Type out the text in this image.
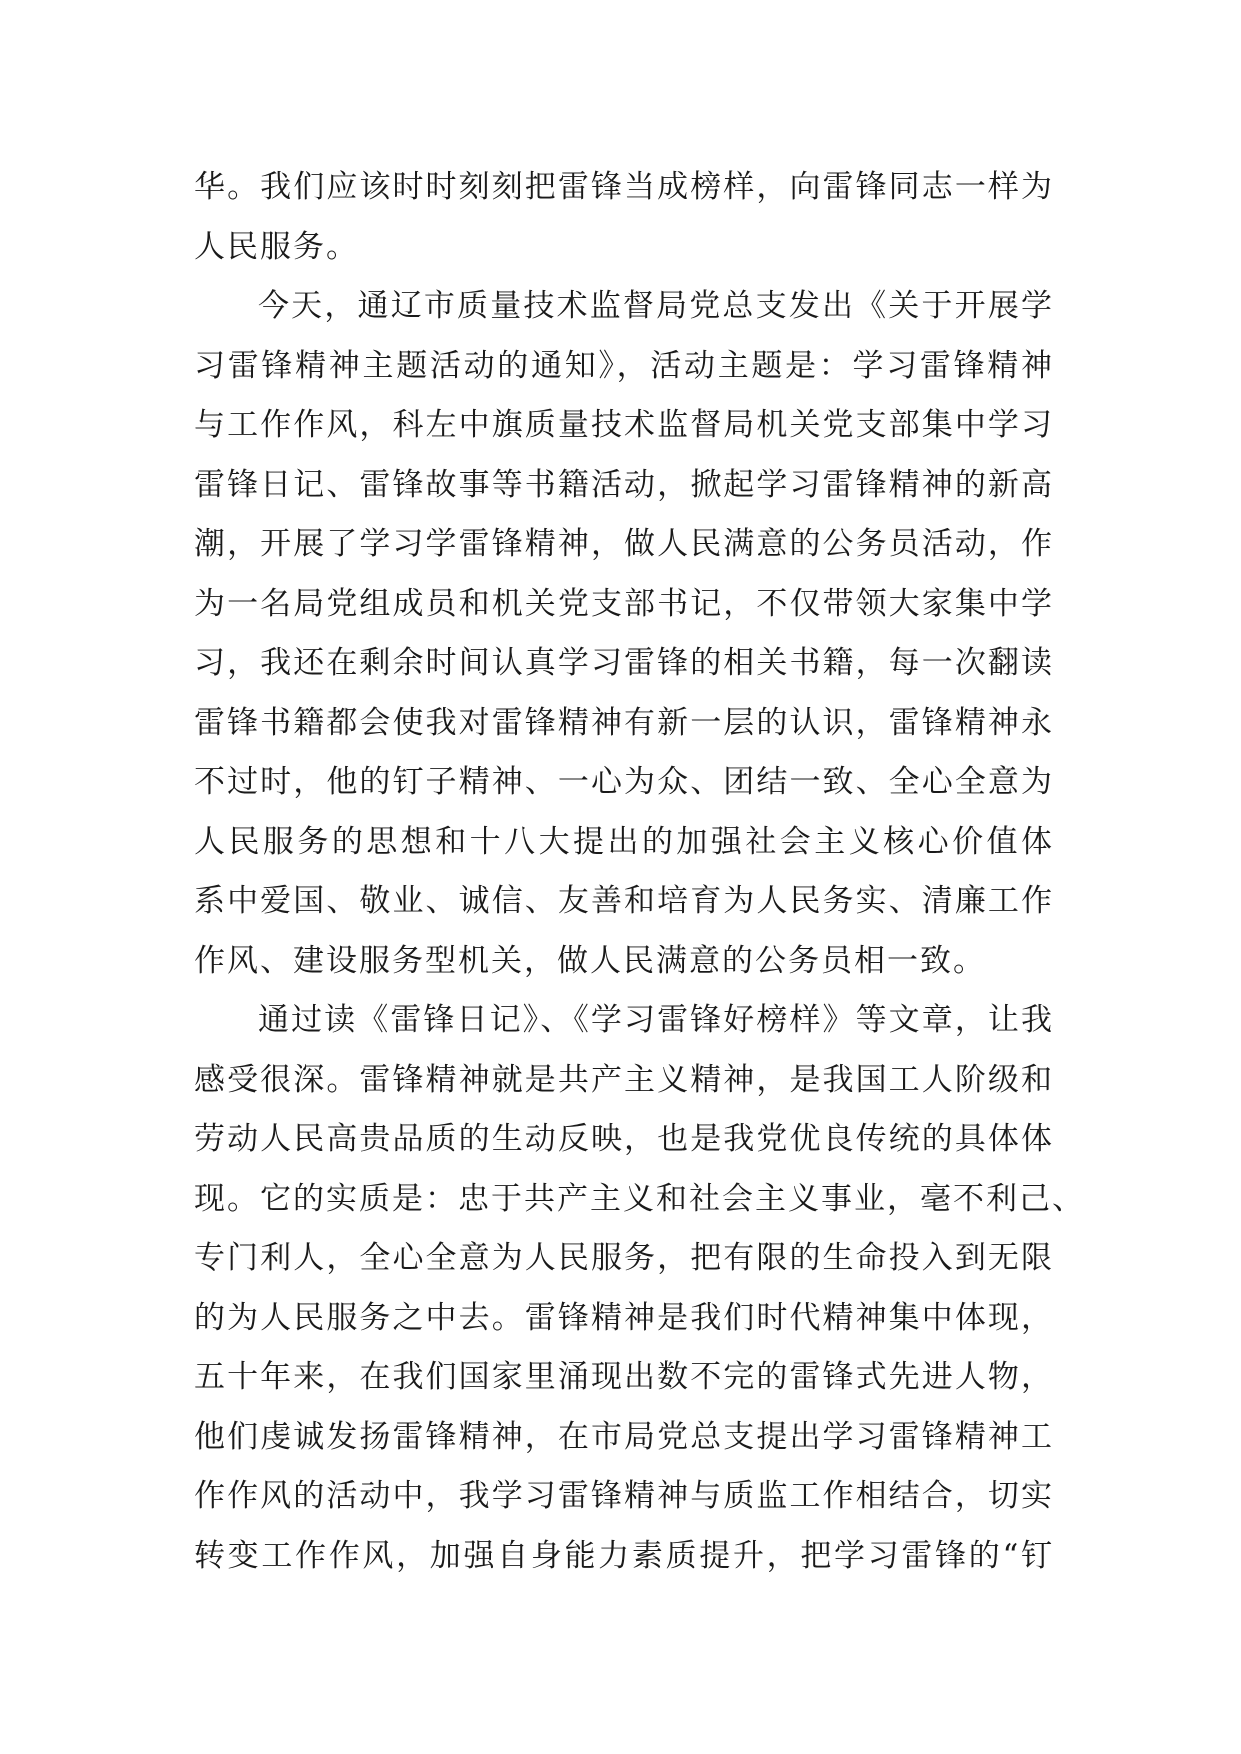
华。我们应该时时刻刻把雷锋当成榜样，向雷锋同志一样为
人民服务。
今天，通辽市质量技术监督局党总支发出《关于开展学
习雷锋精神主题活动的通知》，活动主题是：学习雷锋精神
与工作作风，科左中旗质量技术监督局机关党支部集中学习
雷锋日记、雷锋故事等书籍活动，掀起学习雷锋精神的新高
潮，开展了学习学雷锋精神，做人民满意的公务员活动，作
为一名局党组成员和机关党支部书记，不仅带领大家集中学
习，我还在剩余时间认真学习雷锋的相关书籍，每一次翻读
雷锋书籍都会使我对雷锋精神有新一层的认识，雷锋精神永
不过时，他的钉子精神、一心为众、团结一致、全心全意为
人民服务的思想和十八大提出的加强社会主义核心价值体
系中爱国、敬业、诚信、友善和培育为人民务实、清廉工作
作风、建设服务型机关，做人民满意的公务员相一致。
通过读《雷锋日记》、《学习雷锋好榜样》等文章，让我
感受很深。雷锋精神就是共产主义精神，是我国工人阶级和
劳动人民高贵品质的生动反映，也是我党优良传统的具体体
现。它的实质是：忠于共产主义和社会主义事业，毫不利己、
专门利人，全心全意为人民服务，把有限的生命投入到无限
的为人民服务之中去。雷锋精神是我们时代精神集中体现，
五十年来，在我们国家里涌现出数不完的雷锋式先进人物，
他们虔诚发扬雷锋精神，在市局党总支提出学习雷锋精神工
作作风的活动中，我学习雷锋精神与质监工作相结合，切实
转变工作作风，加强自身能力素质提升，把学习雷锋的“钉
